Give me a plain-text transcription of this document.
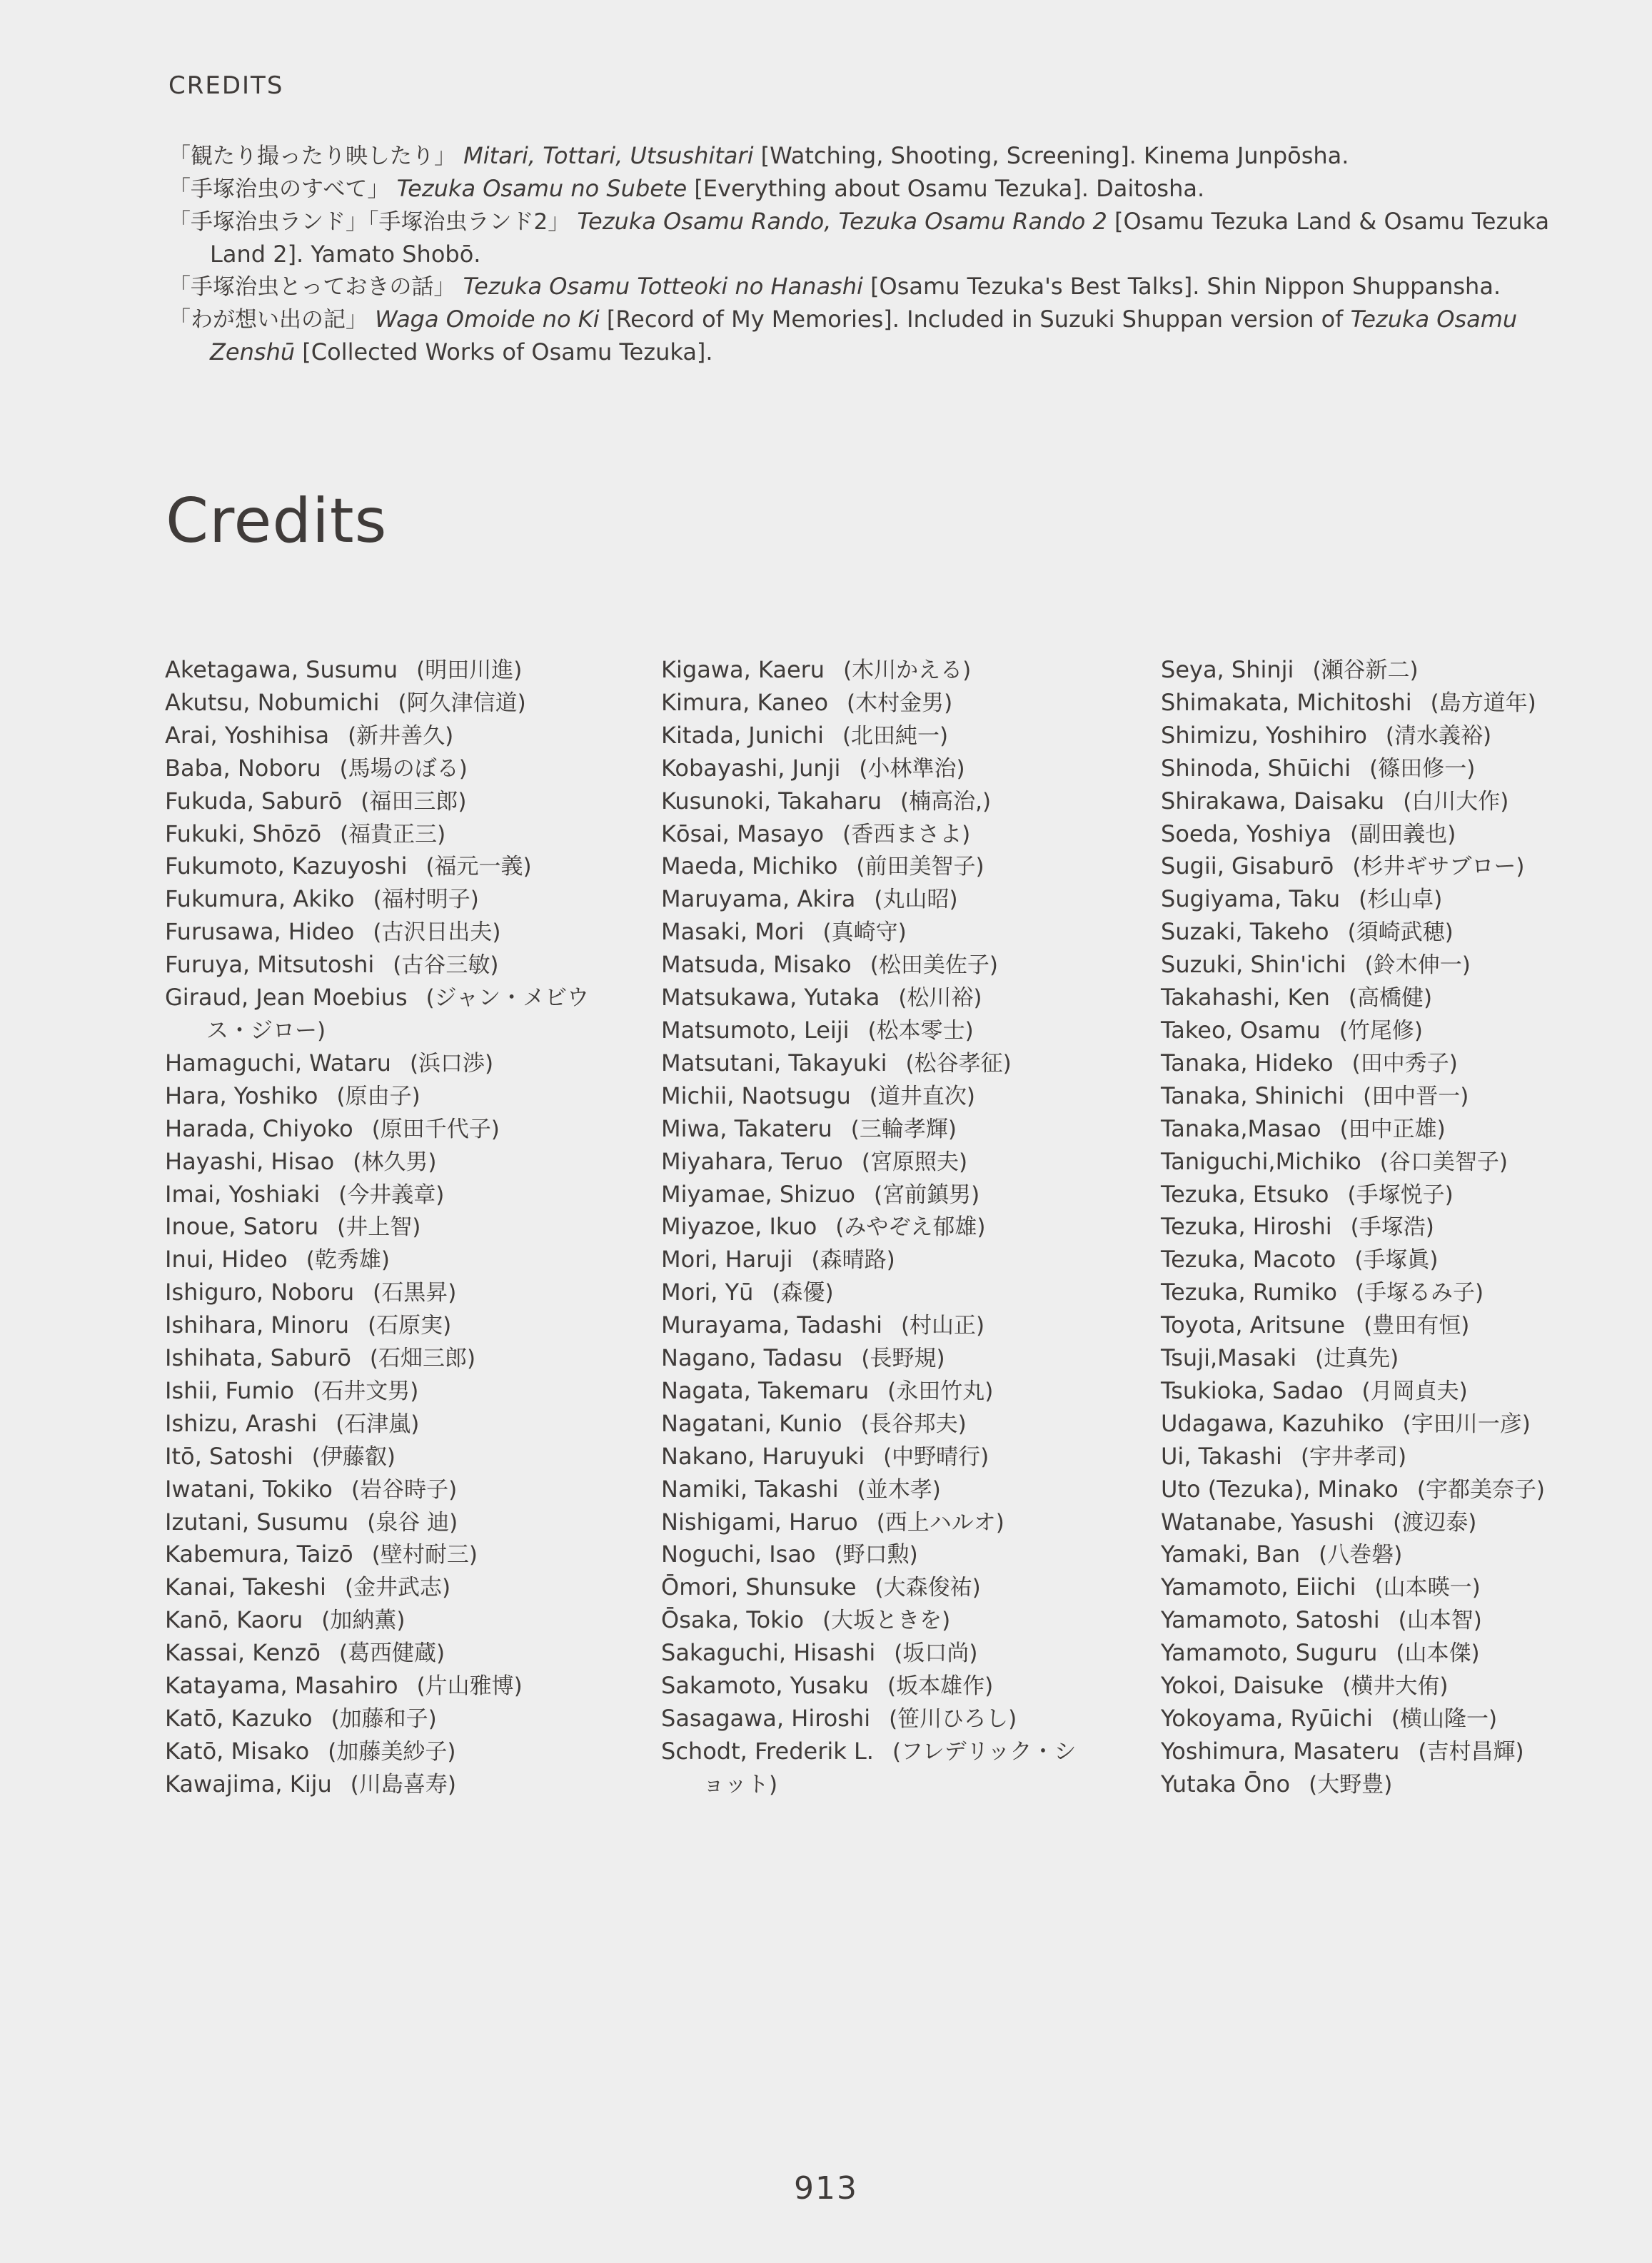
CREDITS
「観たり撮ったり映したり」 Mitari, Tottari, Utsushitari [Watching, Shooting, Screening]. Kinema Junpōsha.
「手塚治虫のすべて」 Tezuka Osamu no Subete [Everything about Osamu Tezuka]. Daitosha.
「手塚治虫ランド」「手塚治虫ランド2」 Tezuka Osamu Rando, Tezuka Osamu Rando 2 [Osamu Tezuka Land & Osamu Tezuka Land 2]. Yamato Shobō.
「手塚治虫とっておきの話」 Tezuka Osamu Totteoki no Hanashi [Osamu Tezuka's Best Talks]. Shin Nippon Shuppansha.
「わが想い出の記」 Waga Omoide no Ki [Record of My Memories]. Included in Suzuki Shuppan version of Tezuka Osamu Zenshū [Collected Works of Osamu Tezuka].
Credits
Aketagawa, Susumu (明田川進)
Akutsu, Nobumichi (阿久津信道)
Arai, Yoshihisa (新井善久)
Baba, Noboru (馬場のぼる)
Fukuda, Saburō (福田三郎)
Fukuki, Shōzō (福貴正三)
Fukumoto, Kazuyoshi (福元一義)
Fukumura, Akiko (福村明子)
Furusawa, Hideo (古沢日出夫)
Furuya, Mitsutoshi (古谷三敏)
Giraud, Jean Moebius (ジャン・メビウス・ジロー)
Hamaguchi, Wataru (浜口渉)
Hara, Yoshiko (原由子)
Harada, Chiyoko (原田千代子)
Hayashi, Hisao (林久男)
Imai, Yoshiaki (今井義章)
Inoue, Satoru (井上智)
Inui, Hideo (乾秀雄)
Ishiguro, Noboru (石黒昇)
Ishihara, Minoru (石原実)
Ishihata, Saburō (石畑三郎)
Ishii, Fumio (石井文男)
Ishizu, Arashi (石津嵐)
Itō, Satoshi (伊藤叡)
Iwatani, Tokiko (岩谷時子)
Izutani, Susumu (泉谷 迪)
Kabemura, Taizō (壁村耐三)
Kanai, Takeshi (金井武志)
Kanō, Kaoru (加納薫)
Kassai, Kenzō (葛西健蔵)
Katayama, Masahiro (片山雅博)
Katō, Kazuko (加藤和子)
Katō, Misako (加藤美紗子)
Kawajima, Kiju (川島喜寿)
Kigawa, Kaeru (木川かえる)
Kimura, Kaneo (木村金男)
Kitada, Junichi (北田純一)
Kobayashi, Junji (小林準治)
Kusunoki, Takaharu (楠高治,)
Kōsai, Masayo (香西まさよ)
Maeda, Michiko (前田美智子)
Maruyama, Akira (丸山昭)
Masaki, Mori (真崎守)
Matsuda, Misako (松田美佐子)
Matsukawa, Yutaka (松川裕)
Matsumoto, Leiji (松本零士)
Matsutani, Takayuki (松谷孝征)
Michii, Naotsugu (道井直次)
Miwa, Takateru (三輪孝輝)
Miyahara, Teruo (宮原照夫)
Miyamae, Shizuo (宮前鎮男)
Miyazoe, Ikuo (みやぞえ郁雄)
Mori, Haruji (森晴路)
Mori, Yū (森優)
Murayama, Tadashi (村山正)
Nagano, Tadasu (長野規)
Nagata, Takemaru (永田竹丸)
Nagatani, Kunio (長谷邦夫)
Nakano, Haruyuki (中野晴行)
Namiki, Takashi (並木孝)
Nishigami, Haruo (西上ハルオ)
Noguchi, Isao (野口勲)
Ōmori, Shunsuke (大森俊祐)
Ōsaka, Tokio (大坂ときを)
Sakaguchi, Hisashi (坂口尚)
Sakamoto, Yusaku (坂本雄作)
Sasagawa, Hiroshi (笹川ひろし)
Schodt, Frederik L. (フレデリック・ショット)
Seya, Shinji (瀬谷新二)
Shimakata, Michitoshi (島方道年)
Shimizu, Yoshihiro (清水義裕)
Shinoda, Shūichi (篠田修一)
Shirakawa, Daisaku (白川大作)
Soeda, Yoshiya (副田義也)
Sugii, Gisaburō (杉井ギサブロー)
Sugiyama, Taku (杉山卓)
Suzaki, Takeho (須崎武穂)
Suzuki, Shin'ichi (鈴木伸一)
Takahashi, Ken (高橋健)
Takeo, Osamu (竹尾修)
Tanaka, Hideko (田中秀子)
Tanaka, Shinichi (田中晋一)
Tanaka,Masao (田中正雄)
Taniguchi,Michiko (谷口美智子)
Tezuka, Etsuko (手塚悦子)
Tezuka, Hiroshi (手塚浩)
Tezuka, Macoto (手塚眞)
Tezuka, Rumiko (手塚るみ子)
Toyota, Aritsune (豊田有恒)
Tsuji,Masaki (辻真先)
Tsukioka, Sadao (月岡貞夫)
Udagawa, Kazuhiko (宇田川一彦)
Ui, Takashi (宇井孝司)
Uto (Tezuka), Minako (宇都美奈子)
Watanabe, Yasushi (渡辺泰)
Yamaki, Ban (八巻磐)
Yamamoto, Eiichi (山本暎一)
Yamamoto, Satoshi (山本智)
Yamamoto, Suguru (山本傑)
Yokoi, Daisuke (横井大侑)
Yokoyama, Ryūichi (横山隆一)
Yoshimura, Masateru (吉村昌輝)
Yutaka Ōno (大野豊)
913
